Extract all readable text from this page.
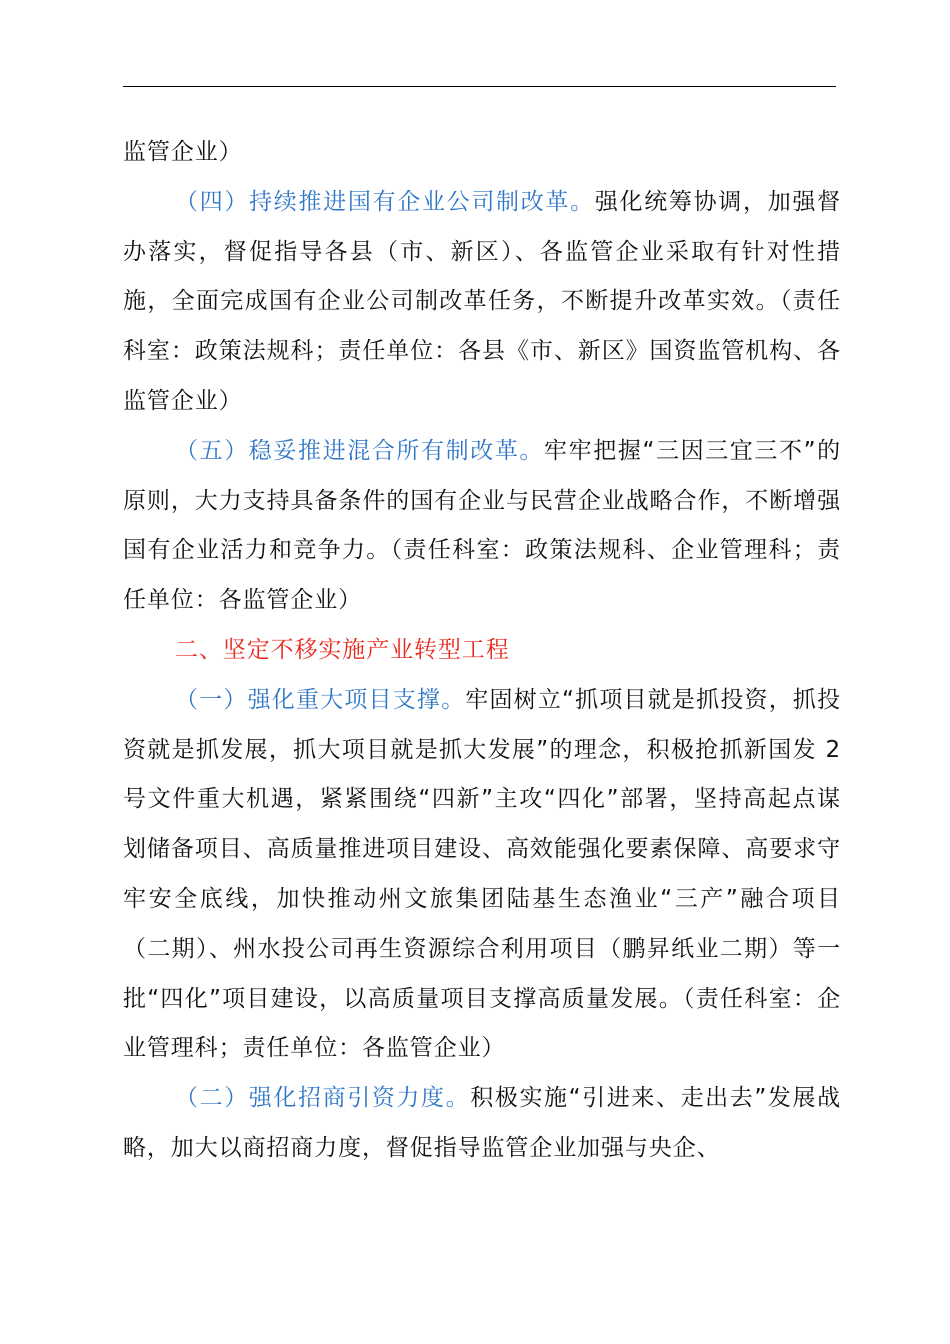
监管企业）

（四）持续推进国有企业公司制改革。强化统筹协调，加强督办落实，督促指导各县（市、新区）、各监管企业采取有针对性措施，全面完成国有企业公司制改革任务，不断提升改革实效。（责任科室：政策法规科；责任单位：各县《市、新区》国资监管机构、各监管企业）

（五）稳妥推进混合所有制改革。牢牢把握“三因三宜三不”的原则，大力支持具备条件的国有企业与民营企业战略合作，不断增强国有企业活力和竞争力。（责任科室：政策法规科、企业管理科；责任单位：各监管企业）

二、坚定不移实施产业转型工程

（一）强化重大项目支撑。牢固树立“抓项目就是抓投资，抓投资就是抓发展，抓大项目就是抓大发展”的理念，积极抢抓新国发 2 号文件重大机遇，紧紧围绕“四新”主攻“四化”部署，坚持高起点谋划储备项目、高质量推进项目建设、高效能强化要素保障、高要求守牢安全底线，加快推动州文旅集团陆基生态渔业“三产”融合项目（二期）、州水投公司再生资源综合利用项目（鹏昇纸业二期）等一批“四化”项目建设，以高质量项目支撑高质量发展。（责任科室：企业管理科；责任单位：各监管企业）

（二）强化招商引资力度。积极实施“引进来、走出去”发展战略，加大以商招商力度，督促指导监管企业加强与央企、
